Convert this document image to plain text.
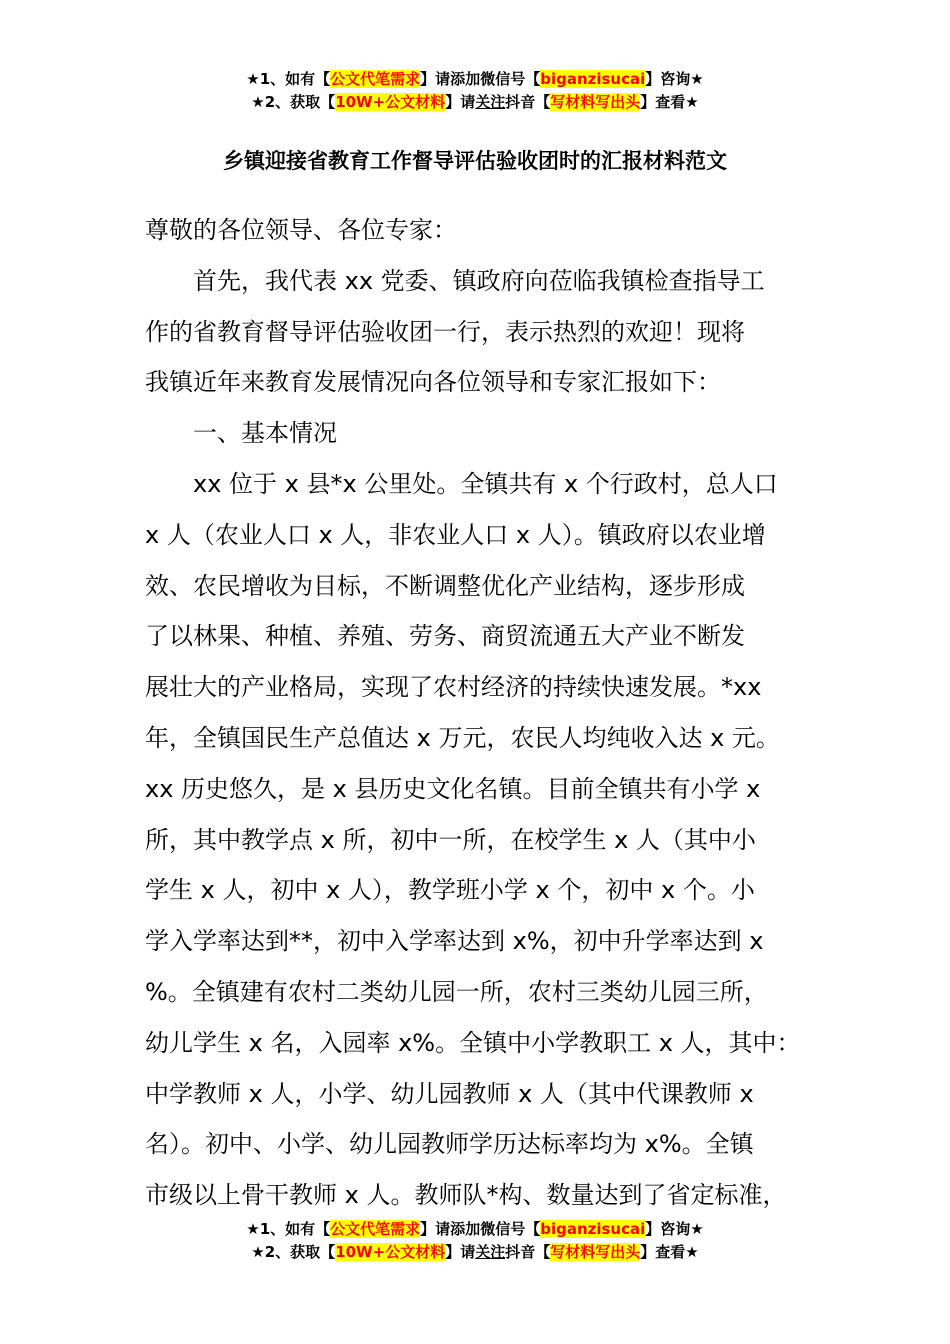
★1、如有【公文代笔需求】请添加微信号【biganzisucai】咨询★
★2、获取【10W+公文材料】请关注抖音【写材料写出头】查看★
乡镇迎接省教育工作督导评估验收团时的汇报材料范文
尊敬的各位领导、各位专家：
首先，我代表 xx 党委、镇政府向莅临我镇检查指导工
作的省教育督导评估验收团一行，表示热烈的欢迎！现将
我镇近年来教育发展情况向各位领导和专家汇报如下：
一、基本情况
xx 位于 x 县*x 公里处。全镇共有 x 个行政村，总人口
x 人（农业人口 x 人，非农业人口 x 人）。镇政府以农业增
效、农民增收为目标，不断调整优化产业结构，逐步形成
了以林果、种植、养殖、劳务、商贸流通五大产业不断发
展壮大的产业格局，实现了农村经济的持续快速发展。*xx
年，全镇国民生产总值达 x 万元，农民人均纯收入达 x 元。
xx 历史悠久，是 x 县历史文化名镇。目前全镇共有小学 x
所，其中教学点 x 所，初中一所，在校学生 x 人（其中小
学生 x 人，初中 x 人），教学班小学 x 个，初中 x 个。小
学入学率达到**，初中入学率达到 x%，初中升学率达到 x
%。全镇建有农村二类幼儿园一所，农村三类幼儿园三所，
幼儿学生 x 名，入园率 x%。全镇中小学教职工 x 人，其中：
中学教师 x 人，小学、幼儿园教师 x 人（其中代课教师 x
名）。初中、小学、幼儿园教师学历达标率均为 x%。全镇
市级以上骨干教师 x 人。教师队*构、数量达到了省定标准，
★1、如有【公文代笔需求】请添加微信号【biganzisucai】咨询★
★2、获取【10W+公文材料】请关注抖音【写材料写出头】查看★
